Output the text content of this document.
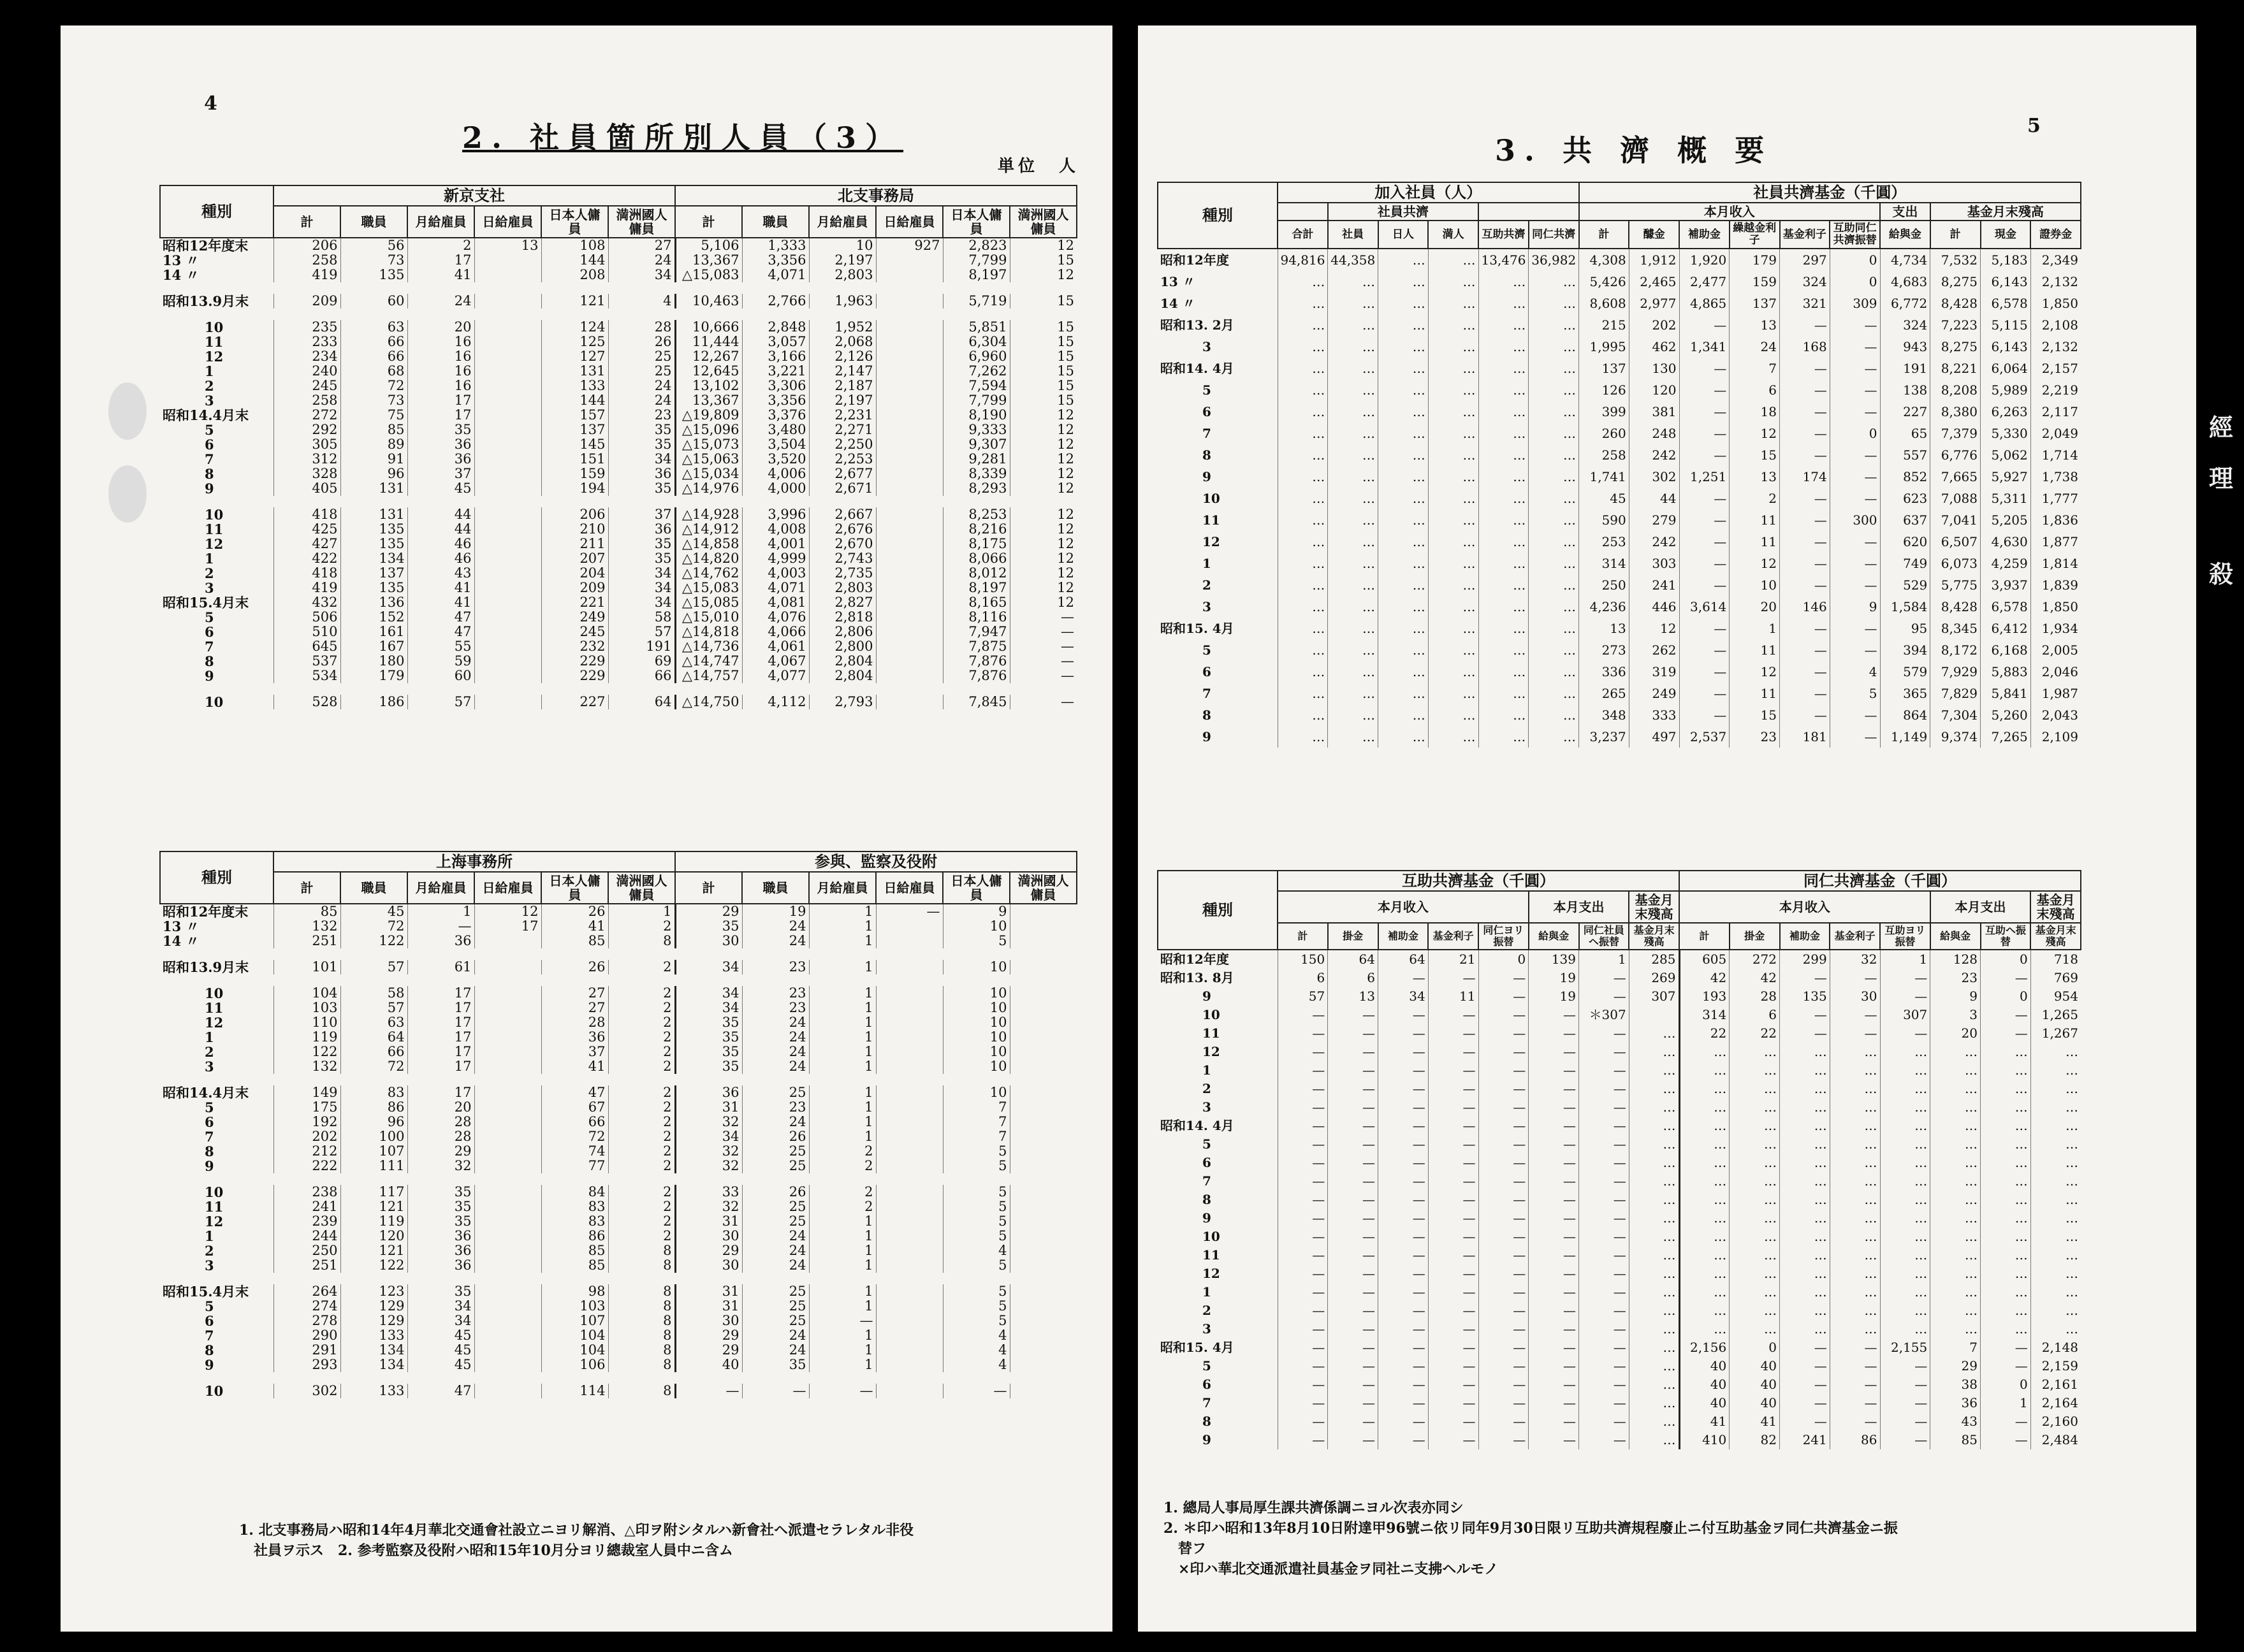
4
2. 社員箇所別人員（3）
単位　人
種別	新京支社						北支事務局					
	計	職員	月給雇員	日給雇員	日本人傭員	満洲國人傭員	計	職員	月給雇員	日給雇員	日本人傭員	満洲國人傭員
昭和12年度末	206	56	2	13	108	27	5,106	1,333	10	927	2,823	12
13 〃	258	73	17		144	24	13,367	3,356	2,197		7,799	15
14 〃	419	135	41		208	34	△15,083	4,071	2,803		8,197	12

昭和13.9月末	209	60	24		121	4	10,463	2,766	1,963		5,719	15

10	235	63	20		124	28	10,666	2,848	1,952		5,851	15
11	233	66	16		125	26	11,444	3,057	2,068		6,304	15
12	234	66	16		127	25	12,267	3,166	2,126		6,960	15
1	240	68	16		131	25	12,645	3,221	2,147		7,262	15
2	245	72	16		133	24	13,102	3,306	2,187		7,594	15
3	258	73	17		144	24	13,367	3,356	2,197		7,799	15
昭和14.4月末	272	75	17		157	23	△19,809	3,376	2,231		8,190	12
5	292	85	35		137	35	△15,096	3,480	2,271		9,333	12
6	305	89	36		145	35	△15,073	3,504	2,250		9,307	12
7	312	91	36		151	34	△15,063	3,520	2,253		9,281	12
8	328	96	37		159	36	△15,034	4,006	2,677		8,339	12
9	405	131	45		194	35	△14,976	4,000	2,671		8,293	12

10	418	131	44		206	37	△14,928	3,996	2,667		8,253	12
11	425	135	44		210	36	△14,912	4,008	2,676		8,216	12
12	427	135	46		211	35	△14,858	4,001	2,670		8,175	12
1	422	134	46		207	35	△14,820	4,999	2,743		8,066	12
2	418	137	43		204	34	△14,762	4,003	2,735		8,012	12
3	419	135	41		209	34	△15,083	4,071	2,803		8,197	12
昭和15.4月末	432	136	41		221	34	△15,085	4,081	2,827		8,165	12
5	506	152	47		249	58	△15,010	4,076	2,818		8,116	—
6	510	161	47		245	57	△14,818	4,066	2,806		7,947	—
7	645	167	55		232	191	△14,736	4,061	2,800		7,875	—
8	537	180	59		229	69	△14,747	4,067	2,804		7,876	—
9	534	179	60		229	66	△14,757	4,077	2,804		7,876	—

10	528	186	57		227	64	△14,750	4,112	2,793		7,845	—
種別	上海事務所						参與、監察及役附					
	計	職員	月給雇員	日給雇員	日本人傭員	満洲國人傭員	計	職員	月給雇員	日給雇員	日本人傭員	満洲國人傭員
昭和12年度末	85	45	1	12	26	1	29	19	1	—	9	
13 〃	132	72	—	17	41	2	35	24	1		10	
14 〃	251	122	36		85	8	30	24	1		5	

昭和13.9月末	101	57	61		26	2	34	23	1		10	

10	104	58	17		27	2	34	23	1		10	
11	103	57	17		27	2	34	23	1		10	
12	110	63	17		28	2	35	24	1		10	
1	119	64	17		36	2	35	24	1		10	
2	122	66	17		37	2	35	24	1		10	
3	132	72	17		41	2	35	24	1		10	

昭和14.4月末	149	83	17		47	2	36	25	1		10	
5	175	86	20		67	2	31	23	1		7	
6	192	96	28		66	2	32	24	1		7	
7	202	100	28		72	2	34	26	1		7	
8	212	107	29		74	2	32	25	2		5	
9	222	111	32		77	2	32	25	2		5	

10	238	117	35		84	2	33	26	2		5	
11	241	121	35		83	2	32	25	2		5	
12	239	119	35		83	2	31	25	1		5	
1	244	120	36		86	2	30	24	1		5	
2	250	121	36		85	8	29	24	1		4	
3	251	122	36		85	8	30	24	1		5	

昭和15.4月末	264	123	35		98	8	31	25	1		5	
5	274	129	34		103	8	31	25	1		5	
6	278	129	34		107	8	30	25	—		5	
7	290	133	45		104	8	29	24	1		4	
8	291	134	45		104	8	29	24	1		4	
9	293	134	45		106	8	40	35	1		4	

10	302	133	47		114	8	—	—	—		—	
1. 北支事務局ハ昭和14年4月華北交通會社設立ニヨリ解消、△印ヲ附シタルハ新會社ヘ派遣セラレタル非役
社員ヲ示ス　2. 参考監察及役附ハ昭和15年10月分ヨリ總裁室人員中ニ含ム
5
3. 共 濟 概 要
種別	加入社員（人）						社員共濟基金（千圓）									
		社員共濟					本月收入						支出	基金月末殘高		
	合計	社員	日人	満人	互助共濟	同仁共濟	計	醵金	補助金	繰越金利子	基金利子	互助同仁共濟振替	給與金	計	現金	證券金
昭和12年度	94,816	44,358	…	…	13,476	36,982	4,308	1,912	1,920	179	297	0	4,734	7,532	5,183	2,349
13 〃	…	…	…	…	…	…	5,426	2,465	2,477	159	324	0	4,683	8,275	6,143	2,132
14 〃	…	…	…	…	…	…	8,608	2,977	4,865	137	321	309	6,772	8,428	6,578	1,850
昭和13. 2月	…	…	…	…	…	…	215	202	—	13	—	—	324	7,223	5,115	2,108
3	…	…	…	…	…	…	1,995	462	1,341	24	168	—	943	8,275	6,143	2,132
昭和14. 4月	…	…	…	…	…	…	137	130	—	7	—	—	191	8,221	6,064	2,157
5	…	…	…	…	…	…	126	120	—	6	—	—	138	8,208	5,989	2,219
6	…	…	…	…	…	…	399	381	—	18	—	—	227	8,380	6,263	2,117
7	…	…	…	…	…	…	260	248	—	12	—	0	65	7,379	5,330	2,049
8	…	…	…	…	…	…	258	242	—	15	—	—	557	6,776	5,062	1,714
9	…	…	…	…	…	…	1,741	302	1,251	13	174	—	852	7,665	5,927	1,738
10	…	…	…	…	…	…	45	44	—	2	—	—	623	7,088	5,311	1,777
11	…	…	…	…	…	…	590	279	—	11	—	300	637	7,041	5,205	1,836
12	…	…	…	…	…	…	253	242	—	11	—	—	620	6,507	4,630	1,877
1	…	…	…	…	…	…	314	303	—	12	—	—	749	6,073	4,259	1,814
2	…	…	…	…	…	…	250	241	—	10	—	—	529	5,775	3,937	1,839
3	…	…	…	…	…	…	4,236	446	3,614	20	146	9	1,584	8,428	6,578	1,850
昭和15. 4月	…	…	…	…	…	…	13	12	—	1	—	—	95	8,345	6,412	1,934
5	…	…	…	…	…	…	273	262	—	11	—	—	394	8,172	6,168	2,005
6	…	…	…	…	…	…	336	319	—	12	—	4	579	7,929	5,883	2,046
7	…	…	…	…	…	…	265	249	—	11	—	5	365	7,829	5,841	1,987
8	…	…	…	…	…	…	348	333	—	15	—	—	864	7,304	5,260	2,043
9	…	…	…	…	…	…	3,237	497	2,537	23	181	—	1,149	9,374	7,265	2,109
種別	互助共濟基金（千圓）								同仁共濟基金（千圓）							
	本月收入					本月支出		基金月末殘高	本月收入					本月支出		基金月末殘高
	計	掛金	補助金	基金利子	同仁ヨリ振替	給與金	同仁社員ヘ振替	基金月末殘高	計	掛金	補助金	基金利子	互助ヨリ振替	給與金	互助ヘ振替	基金月末殘高
昭和12年度	150	64	64	21	0	139	1	285	605	272	299	32	1	128	0	718
昭和13. 8月	6	6	—	—	—	19	—	269	42	42	—	—	—	23	—	769
9	57	13	34	11	—	19	—	307	193	28	135	30	—	9	0	954
10	—	—	—	—	—	—	＊307		314	6	—	—	307	3	—	1,265
11	—	—	—	—	—	—	—	…	22	22	—	—	—	20	—	1,267
12	—	—	—	—	—	—	—	…	…	…	…	…	…	…	…	…
1	—	—	—	—	—	—	—	…	…	…	…	…	…	…	…	…
2	—	—	—	—	—	—	—	…	…	…	…	…	…	…	…	…
3	—	—	—	—	—	—	—	…	…	…	…	…	…	…	…	…
昭和14. 4月	—	—	—	—	—	—	—	…	…	…	…	…	…	…	…	…
5	—	—	—	—	—	—	—	…	…	…	…	…	…	…	…	…
6	—	—	—	—	—	—	—	…	…	…	…	…	…	…	…	…
7	—	—	—	—	—	—	—	…	…	…	…	…	…	…	…	…
8	—	—	—	—	—	—	—	…	…	…	…	…	…	…	…	…
9	—	—	—	—	—	—	—	…	…	…	…	…	…	…	…	…
10	—	—	—	—	—	—	—	…	…	…	…	…	…	…	…	…
11	—	—	—	—	—	—	—	…	…	…	…	…	…	…	…	…
12	—	—	—	—	—	—	—	…	…	…	…	…	…	…	…	…
1	—	—	—	—	—	—	—	…	…	…	…	…	…	…	…	…
2	—	—	—	—	—	—	—	…	…	…	…	…	…	…	…	…
3	—	—	—	—	—	—	—	…	…	…	…	…	…	…	…	…
昭和15. 4月	—	—	—	—	—	—	—	…	2,156	0	—	—	2,155	7	—	2,148
5	—	—	—	—	—	—	—	…	40	40	—	—	—	29	—	2,159
6	—	—	—	—	—	—	—	…	40	40	—	—	—	38	0	2,161
7	—	—	—	—	—	—	—	…	40	40	—	—	—	36	1	2,164
8	—	—	—	—	—	—	—	…	41	41	—	—	—	43	—	2,160
9	—	—	—	—	—	—	—	…	410	82	241	86	—	85	—	2,484
1. 總局人事局厚生課共濟係調ニヨル次表亦同シ
2. ＊印ハ昭和13年8月10日附達甲96號ニ依リ同年9月30日限リ互助共濟規程廢止ニ付互助基金ヲ同仁共濟基金ニ振
替フ
×印ハ華北交通派遣社員基金ヲ同社ニ支拂ヘルモノ
經
理
殺
